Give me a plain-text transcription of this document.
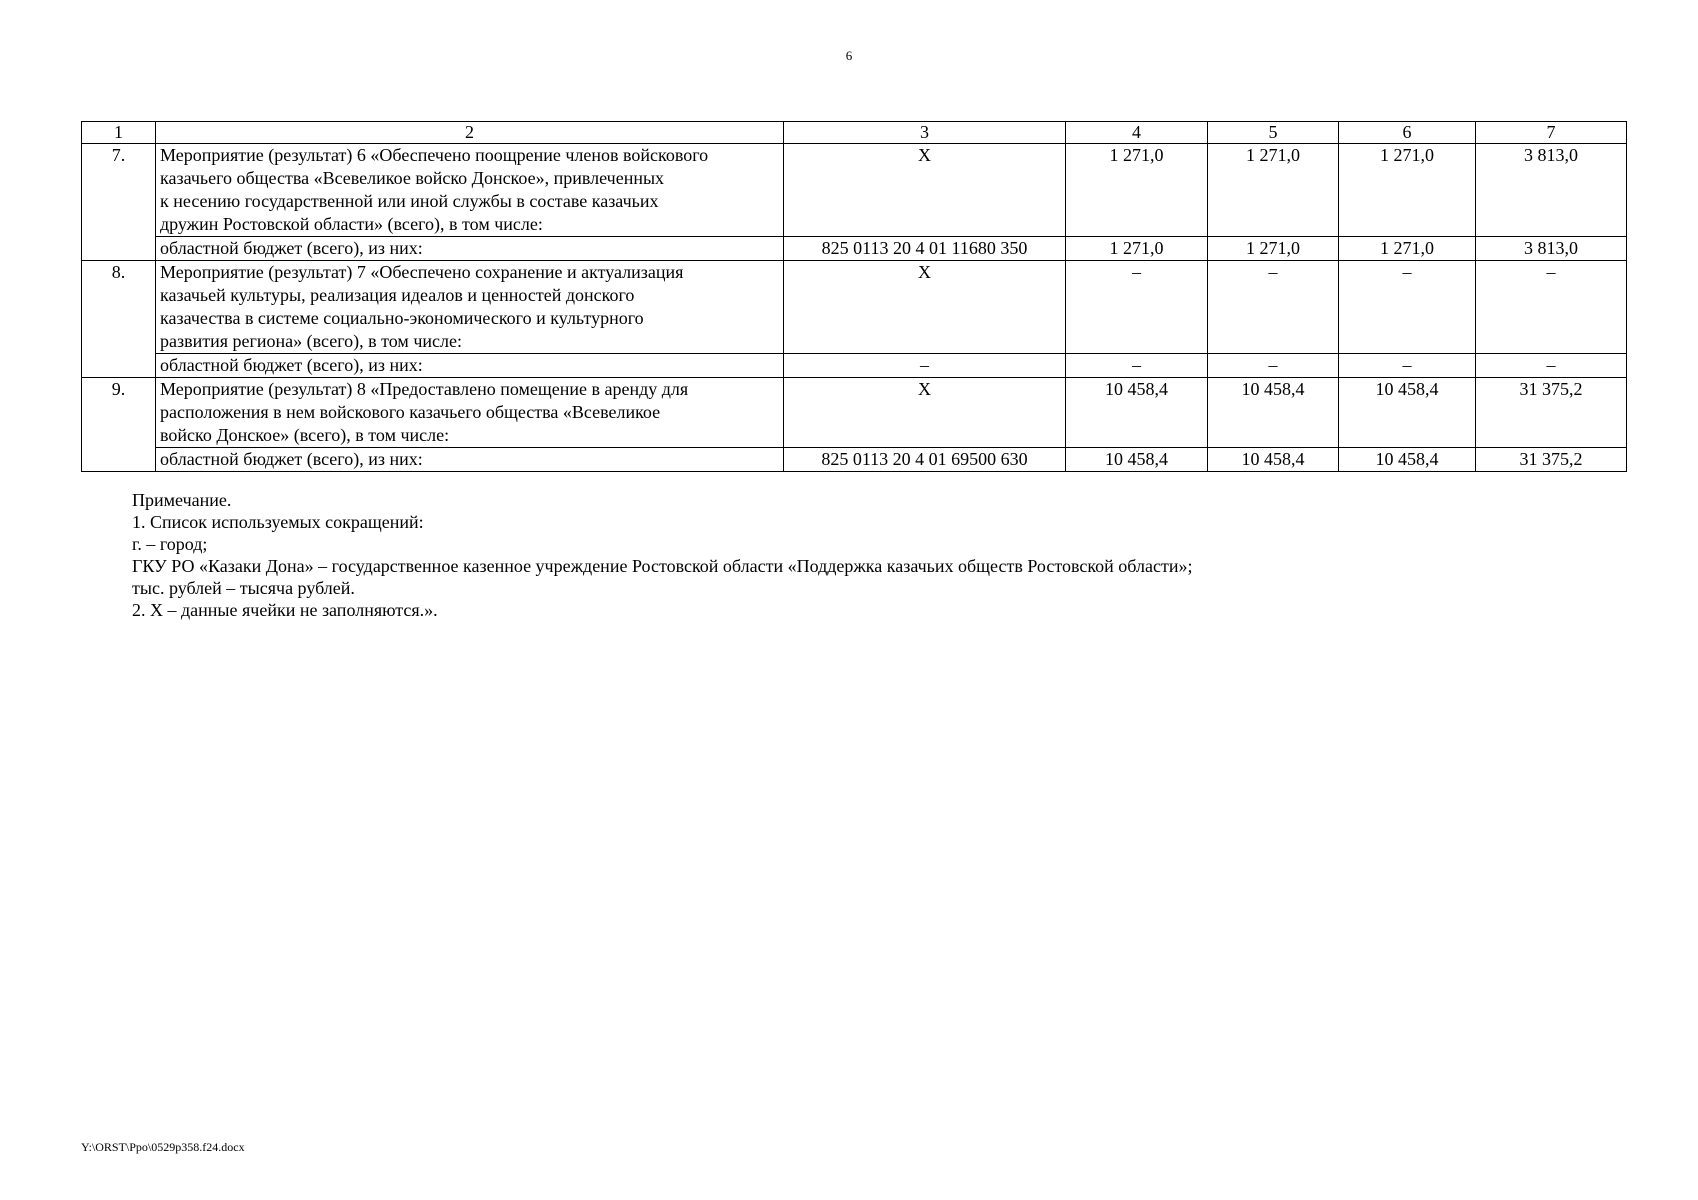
6
1	2	3	4	5	6	7
7.	Мероприятие (результат) 6 «Обеспечено поощрение членов войскового
казачьего общества «Всевеликое войско Донское», привлеченных
к несению государственной или иной службы в составе казачьих
дружин Ростовской области» (всего), в том числе:	X	1 271,0	1 271,0	1 271,0	3 813,0
	областной бюджет (всего), из них:	825 0113 20 4 01 11680 350	1 271,0	1 271,0	1 271,0	3 813,0
8.	Мероприятие (результат) 7 «Обеспечено сохранение и актуализация
казачьей культуры, реализация идеалов и ценностей донского
казачества в системе социально-экономического и культурного
развития региона» (всего), в том числе:	X	–	–	–	–
	областной бюджет (всего), из них:	–	–	–	–	–
9.	Мероприятие (результат) 8 «Предоставлено помещение в аренду для
расположения в нем войскового казачьего общества «Всевеликое
войско Донское» (всего), в том числе:	X	10 458,4	10 458,4	10 458,4	31 375,2
	областной бюджет (всего), из них:	825 0113 20 4 01 69500 630	10 458,4	10 458,4	10 458,4	31 375,2
Примечание.
1. Список используемых сокращений:
г. – город;
ГКУ РО «Казаки Дона» – государственное казенное учреждение Ростовской области «Поддержка казачьих обществ Ростовской области»;
тыс. рублей – тысяча рублей.
2. X – данные ячейки не заполняются.».
Y:\ORST\Ppo\0529p358.f24.docx
